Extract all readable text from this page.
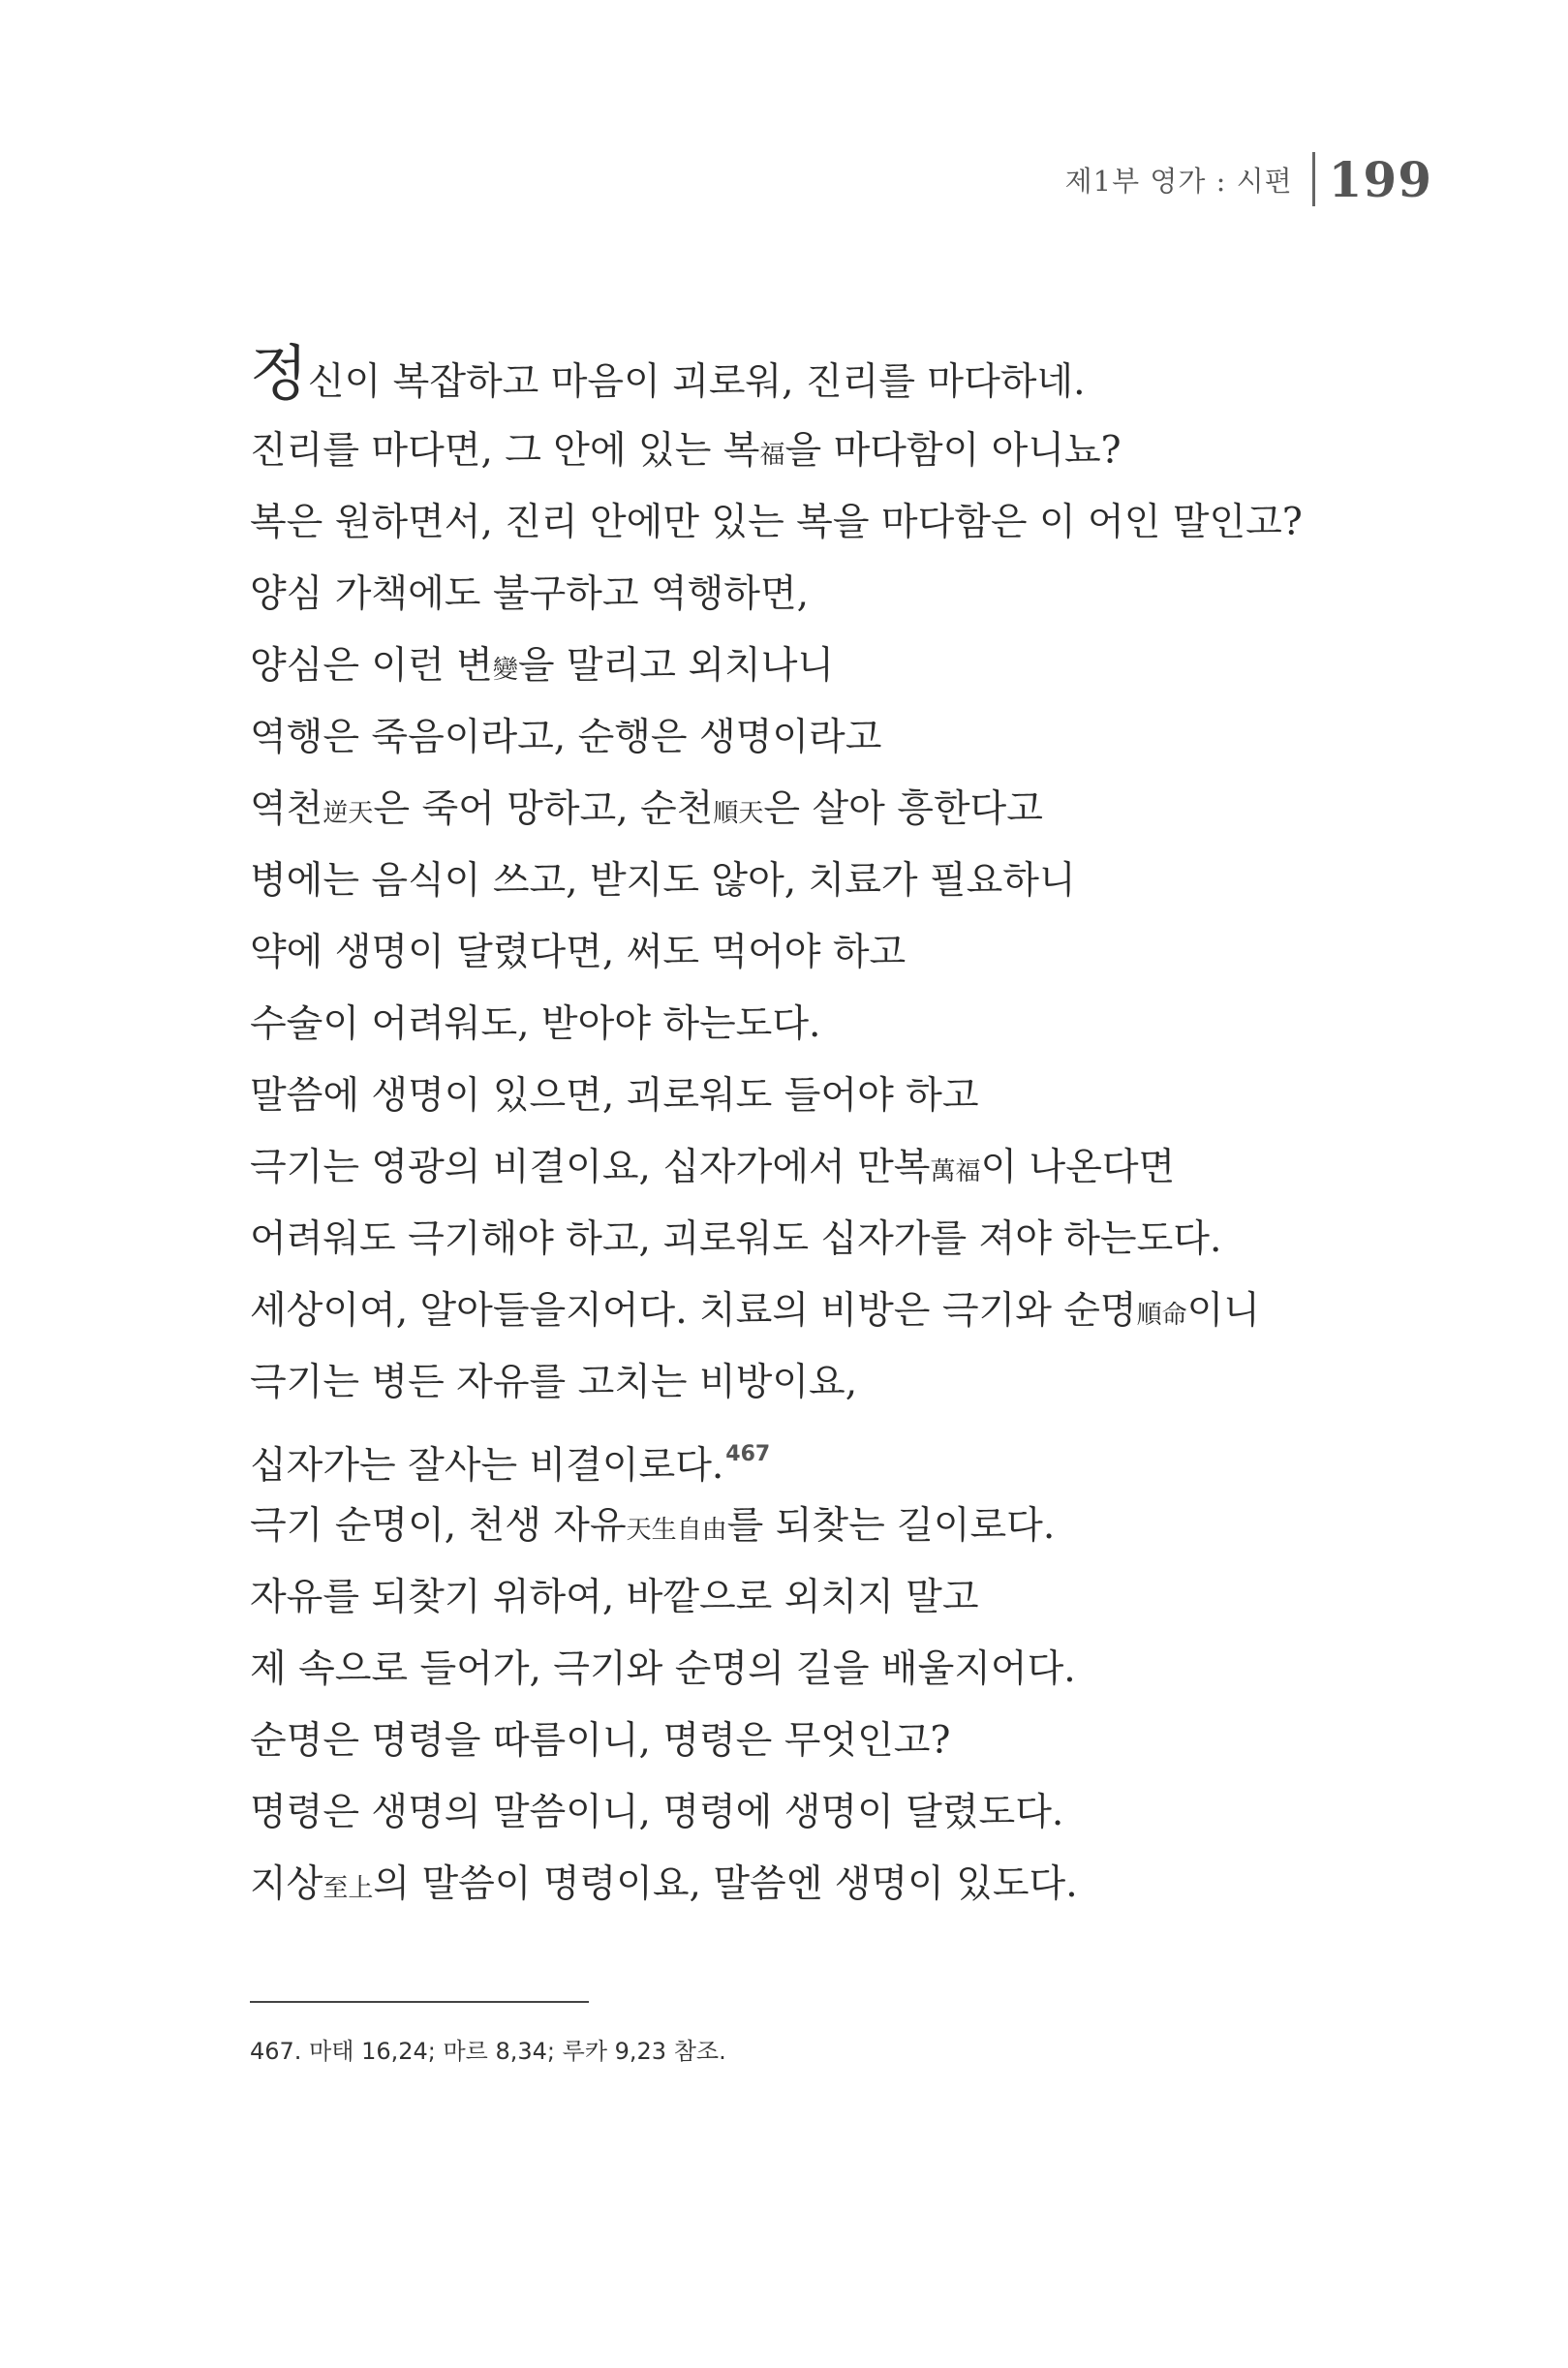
제1부 영가 : 시편 199
정신이 복잡하고 마음이 괴로워, 진리를 마다하네.
진리를 마다면, 그 안에 있는 복福을 마다함이 아니뇨?
복은 원하면서, 진리 안에만 있는 복을 마다함은 이 어인 말인고?
양심 가책에도 불구하고 역행하면,
양심은 이런 변變을 말리고 외치나니
역행은 죽음이라고, 순행은 생명이라고
역천逆天은 죽어 망하고, 순천順天은 살아 흥한다고
병에는 음식이 쓰고, 받지도 않아, 치료가 필요하니
약에 생명이 달렸다면, 써도 먹어야 하고
수술이 어려워도, 받아야 하는도다.
말씀에 생명이 있으면, 괴로워도 들어야 하고
극기는 영광의 비결이요, 십자가에서 만복萬福이 나온다면
어려워도 극기해야 하고, 괴로워도 십자가를 져야 하는도다.
세상이여, 알아들을지어다. 치료의 비방은 극기와 순명順命이니
극기는 병든 자유를 고치는 비방이요,
십자가는 잘사는 비결이로다.$^{467}$
극기 순명이, 천생 자유天生自由를 되찾는 길이로다.
자유를 되찾기 위하여, 바깥으로 외치지 말고
제 속으로 들어가, 극기와 순명의 길을 배울지어다.
순명은 명령을 따름이니, 명령은 무엇인고?
명령은 생명의 말씀이니, 명령에 생명이 달렸도다.
지상至上의 말씀이 명령이요, 말씀엔 생명이 있도다.
467. 마태 16,24; 마르 8,34; 루카 9,23 참조.
